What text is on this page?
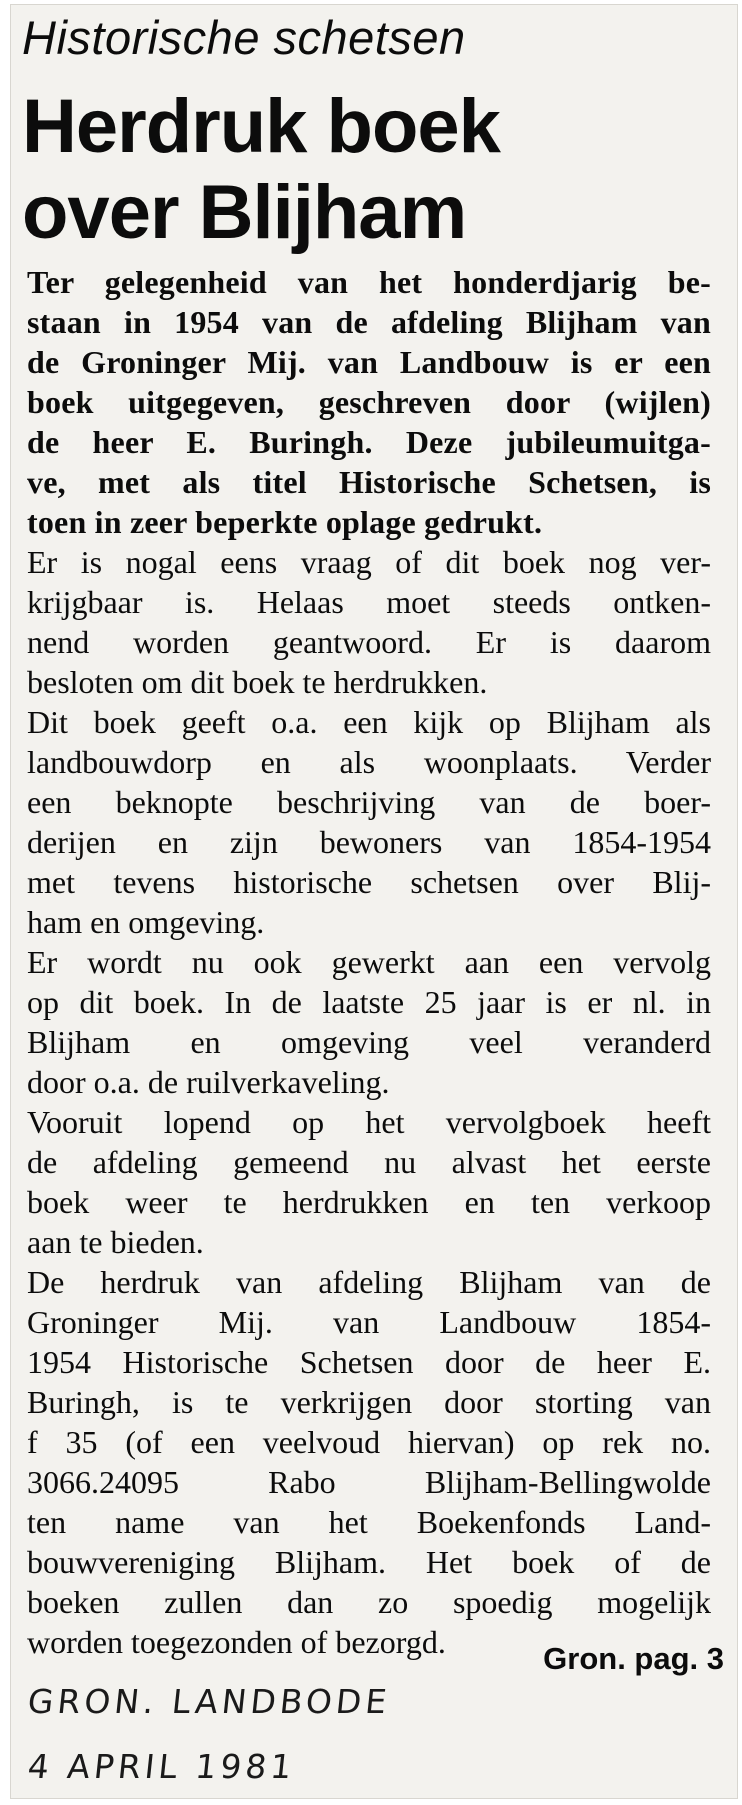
Historische schetsen
Herdruk boek
over Blijham
Ter gelegenheid van het honderdjarig be-
staan in 1954 van de afdeling Blijham van
de Groninger Mij. van Landbouw is er een
boek uitgegeven, geschreven door (wijlen)
de heer E. Buringh. Deze jubileumuitga-
ve, met als titel Historische Schetsen, is
toen in zeer beperkte oplage gedrukt.
Er is nogal eens vraag of dit boek nog ver-
krijgbaar is. Helaas moet steeds ontken-
nend worden geantwoord. Er is daarom
besloten om dit boek te herdrukken.
Dit boek geeft o.a. een kijk op Blijham als
landbouwdorp en als woonplaats. Verder
een beknopte beschrijving van de boer-
derijen en zijn bewoners van 1854-1954
met tevens historische schetsen over Blij-
ham en omgeving.
Er wordt nu ook gewerkt aan een vervolg
op dit boek. In de laatste 25 jaar is er nl. in
Blijham en omgeving veel veranderd
door o.a. de ruilverkaveling.
Vooruit lopend op het vervolgboek heeft
de afdeling gemeend nu alvast het eerste
boek weer te herdrukken en ten verkoop
aan te bieden.
De herdruk van afdeling Blijham van de
Groninger Mij. van Landbouw 1854-
1954 Historische Schetsen door de heer E.
Buringh, is te verkrijgen door storting van
f 35 (of een veelvoud hiervan) op rek no.
3066.24095 Rabo Blijham-Bellingwolde
ten name van het Boekenfonds Land-
bouwvereniging Blijham. Het boek of de
boeken zullen dan zo spoedig mogelijk
worden toegezonden of bezorgd.	Gron. pag. 3
GRON. LANDBODE
4 APRIL 1981
